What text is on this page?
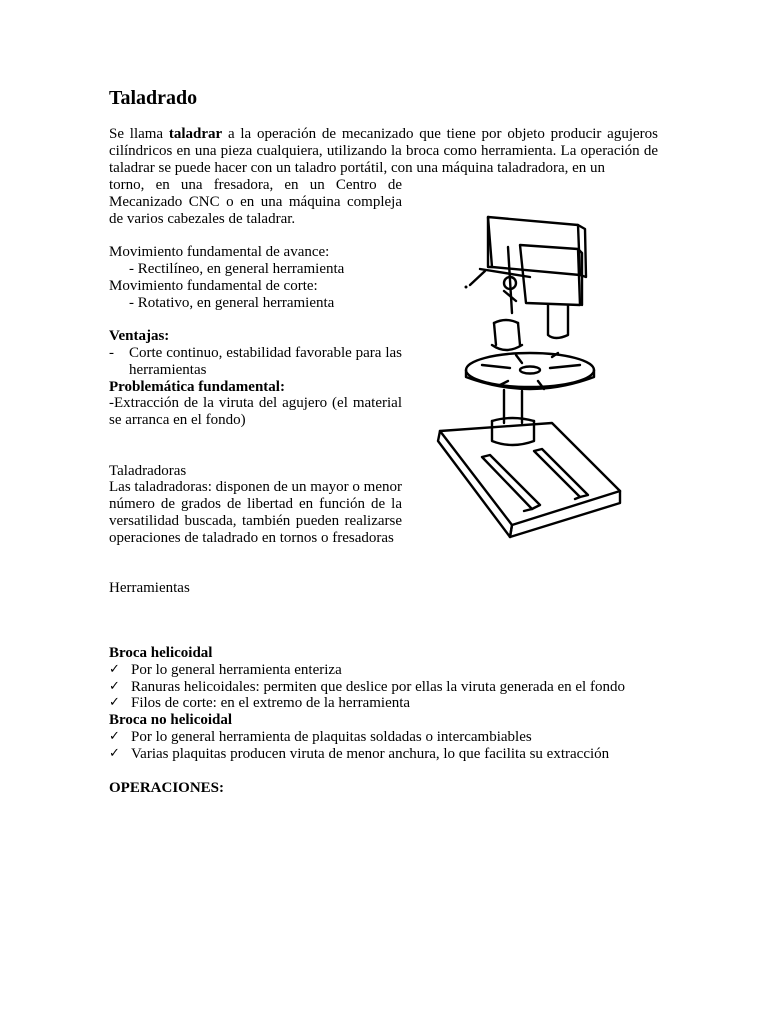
Taladrado

Se llama taladrar a la operación de mecanizado que tiene por objeto producir agujeros cilíndricos en una pieza cualquiera, utilizando la broca como herramienta. La operación de taladrar se puede hacer con un taladro portátil, con una máquina taladradora, en un

torno, en una fresadora, en un Centro de Mecanizado CNC o en una máquina compleja de varios cabezales de taladrar.

Movimiento fundamental de avance:

- Rectilíneo, en general herramienta

Movimiento fundamental de corte:

- Rotativo, en general herramienta

Ventajas:

-	Corte continuo, estabilidad favorable para las herramientas

Problemática fundamental:

-Extracción de la viruta del agujero (el material se arranca en el fondo)

Taladradoras

Las taladradoras: disponen de un mayor o menor número de grados de libertad en función de la versatilidad buscada, también pueden realizarse operaciones de taladrado en tornos o fresadoras

Herramientas

Broca helicoidal

✓ Por lo general herramienta enteriza
✓ Ranuras helicoidales: permiten que deslice por ellas la viruta generada en el fondo
✓ Filos de corte: en el extremo de la herramienta

Broca no helicoidal

✓ Por lo general herramienta de plaquitas soldadas o intercambiables
✓ Varias plaquitas producen viruta de menor anchura, lo que facilita su extracción

OPERACIONES:
